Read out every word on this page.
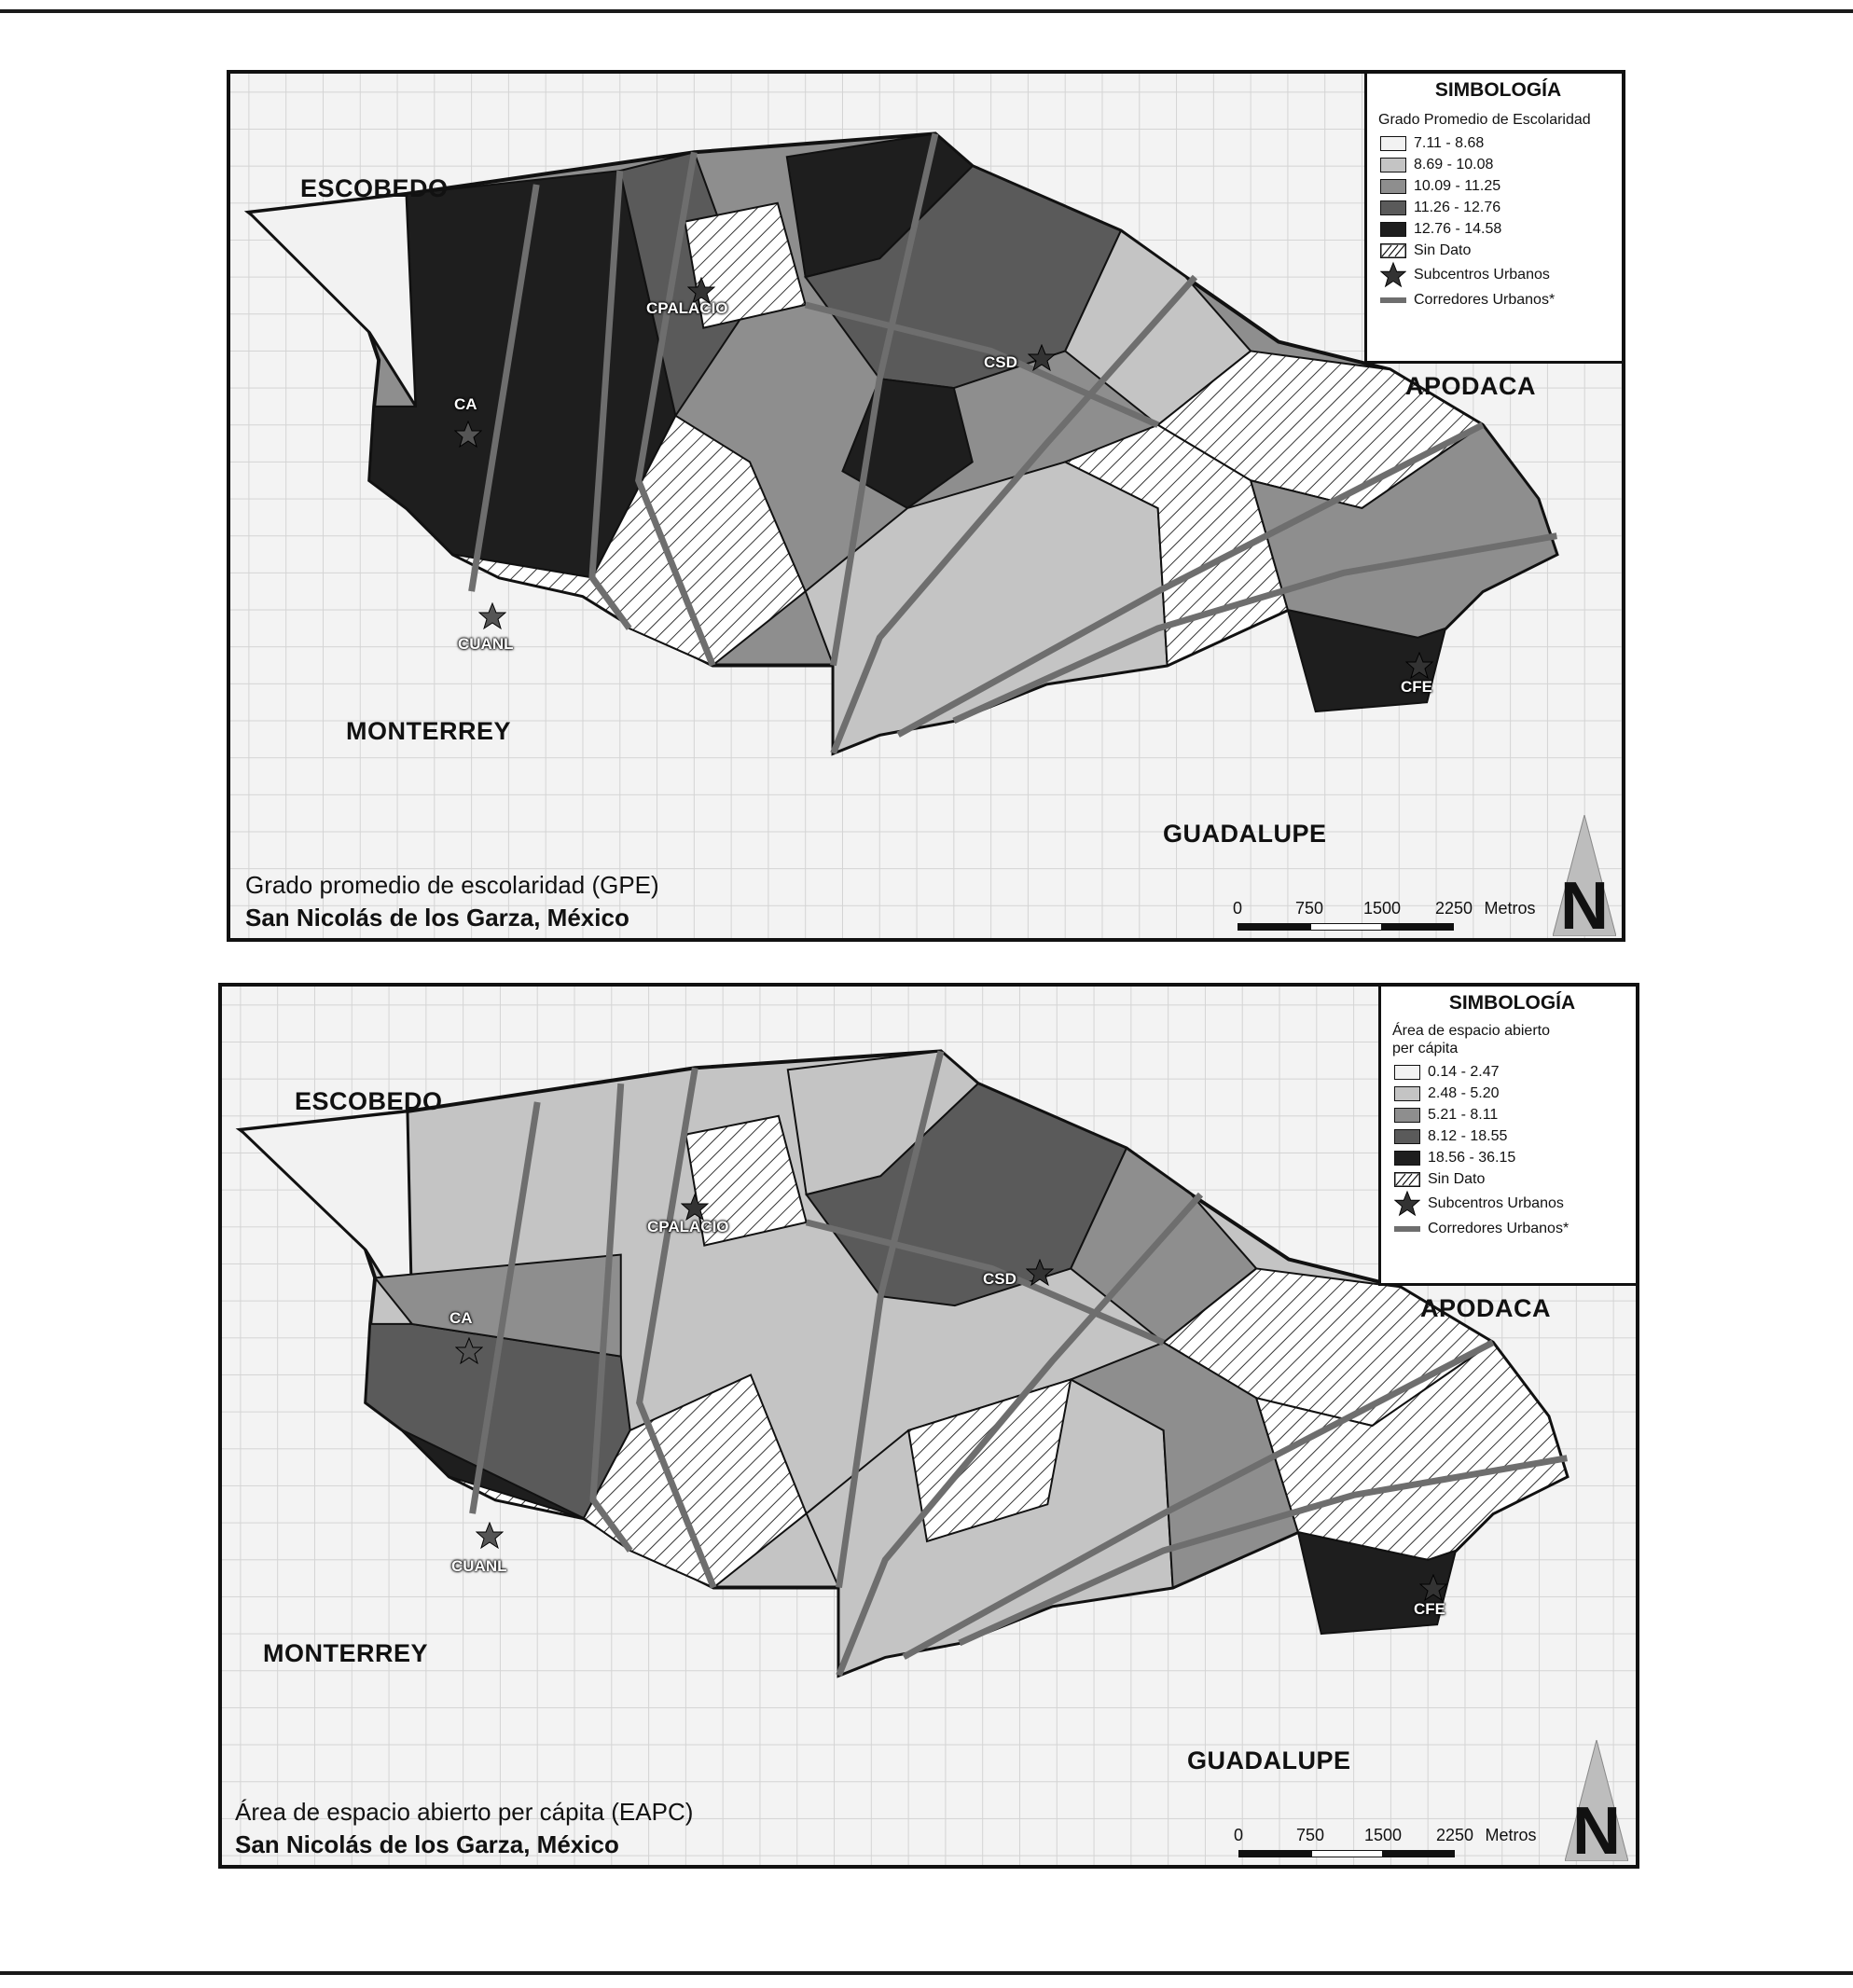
ESCOBEDO
APODACA
MONTERREY
GUADALUPE
CPALACIO
CSD
CA
CUANL
CFE
SIMBOLOGÍA
Grado Promedio de Escolaridad
7.11 - 8.68
8.69 - 10.08
10.09 - 11.25
11.26 - 12.76
12.76 - 14.58
Sin Dato
Subcentros Urbanos
Corredores Urbanos*
Grado promedio de escolaridad (GPE)
San Nicolás de los Garza, México	0	750 1500 2250 Metros N
ESCOBEDO
APODACA
MONTERREY
GUADALUPE
CPALACIO
CSD
CA
CUANL
CFE
SIMBOLOGÍA
Área de espacio abierto per cápita
0.14 - 2.47
2.48 - 5.20
5.21 - 8.11
8.12 - 18.55
18.56 - 36.15
Sin Dato
Subcentros Urbanos
Corredores Urbanos*
Área de espacio abierto per cápita (EAPC)
San Nicolás de los Garza, México	0	750 1500 2250 Metros N
